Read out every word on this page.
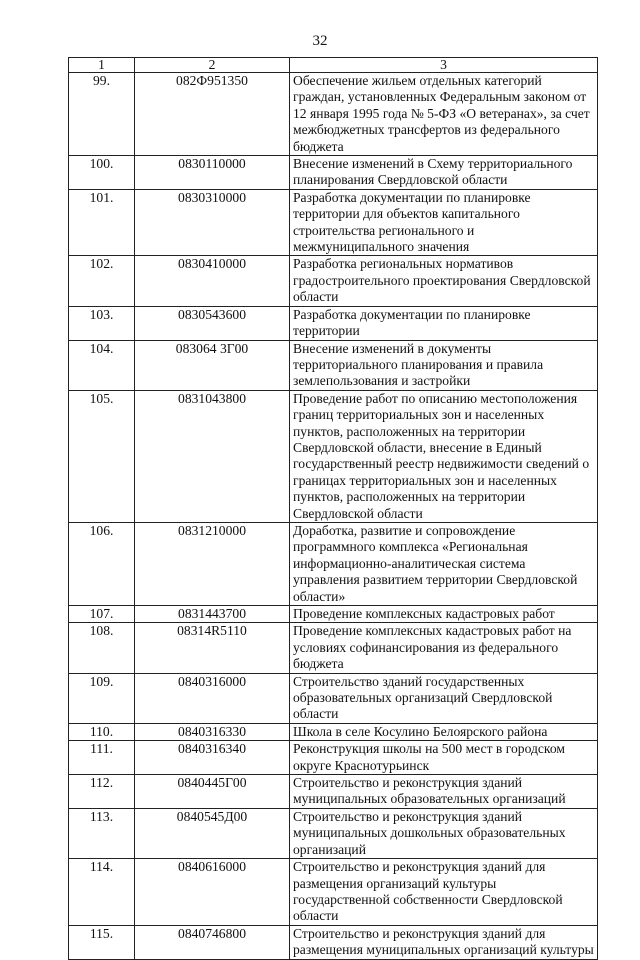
32
1	2	3
99.	082Ф951350	Обеспечение жильем отдельных категорий граждан, установленных Федеральным законом от 12 января 1995 года № 5-ФЗ «О ветеранах», за счет межбюджетных трансфертов из федерального бюджета
100.	0830110000	Внесение изменений в Схему территориального планирования Свердловской области
101.	0830310000	Разработка документации по планировке территории для объектов капитального строительства регионального и межмуниципального значения
102.	0830410000	Разработка региональных нормативов градостроительного проектирования Свердловской области
103.	0830543600	Разработка документации по планировке территории
104.	083064 3Г00	Внесение изменений в документы территориального планирования и правила землепользования и застройки
105.	0831043800	Проведение работ по описанию местоположения границ территориальных зон и населенных пунктов, расположенных на территории Свердловской области, внесение в Единый государственный реестр недвижимости сведений о границах территориальных зон и населенных пунктов, расположенных на территории Свердловской области
106.	0831210000	Доработка, развитие и сопровождение программного комплекса «Региональная информационно-аналитическая система управления развитием территории Свердловской области»
107.	0831443700	Проведение комплексных кадастровых работ
108.	08314R5110	Проведение комплексных кадастровых работ на условиях софинансирования из федерального бюджета
109.	0840316000	Строительство зданий государственных образовательных организаций Свердловской области
110.	0840316330	Школа в селе Косулино Белоярского района
111.	0840316340	Реконструкция школы на 500 мест в городском округе Краснотурьинск
112.	0840445Г00	Строительство и реконструкция зданий муниципальных образовательных организаций
113.	0840545Д00	Строительство и реконструкция зданий муниципальных дошкольных образовательных организаций
114.	0840616000	Строительство и реконструкция зданий для размещения организаций культуры государственной собственности Свердловской области
115.	0840746800	Строительство и реконструкция зданий для размещения муниципальных организаций культуры
